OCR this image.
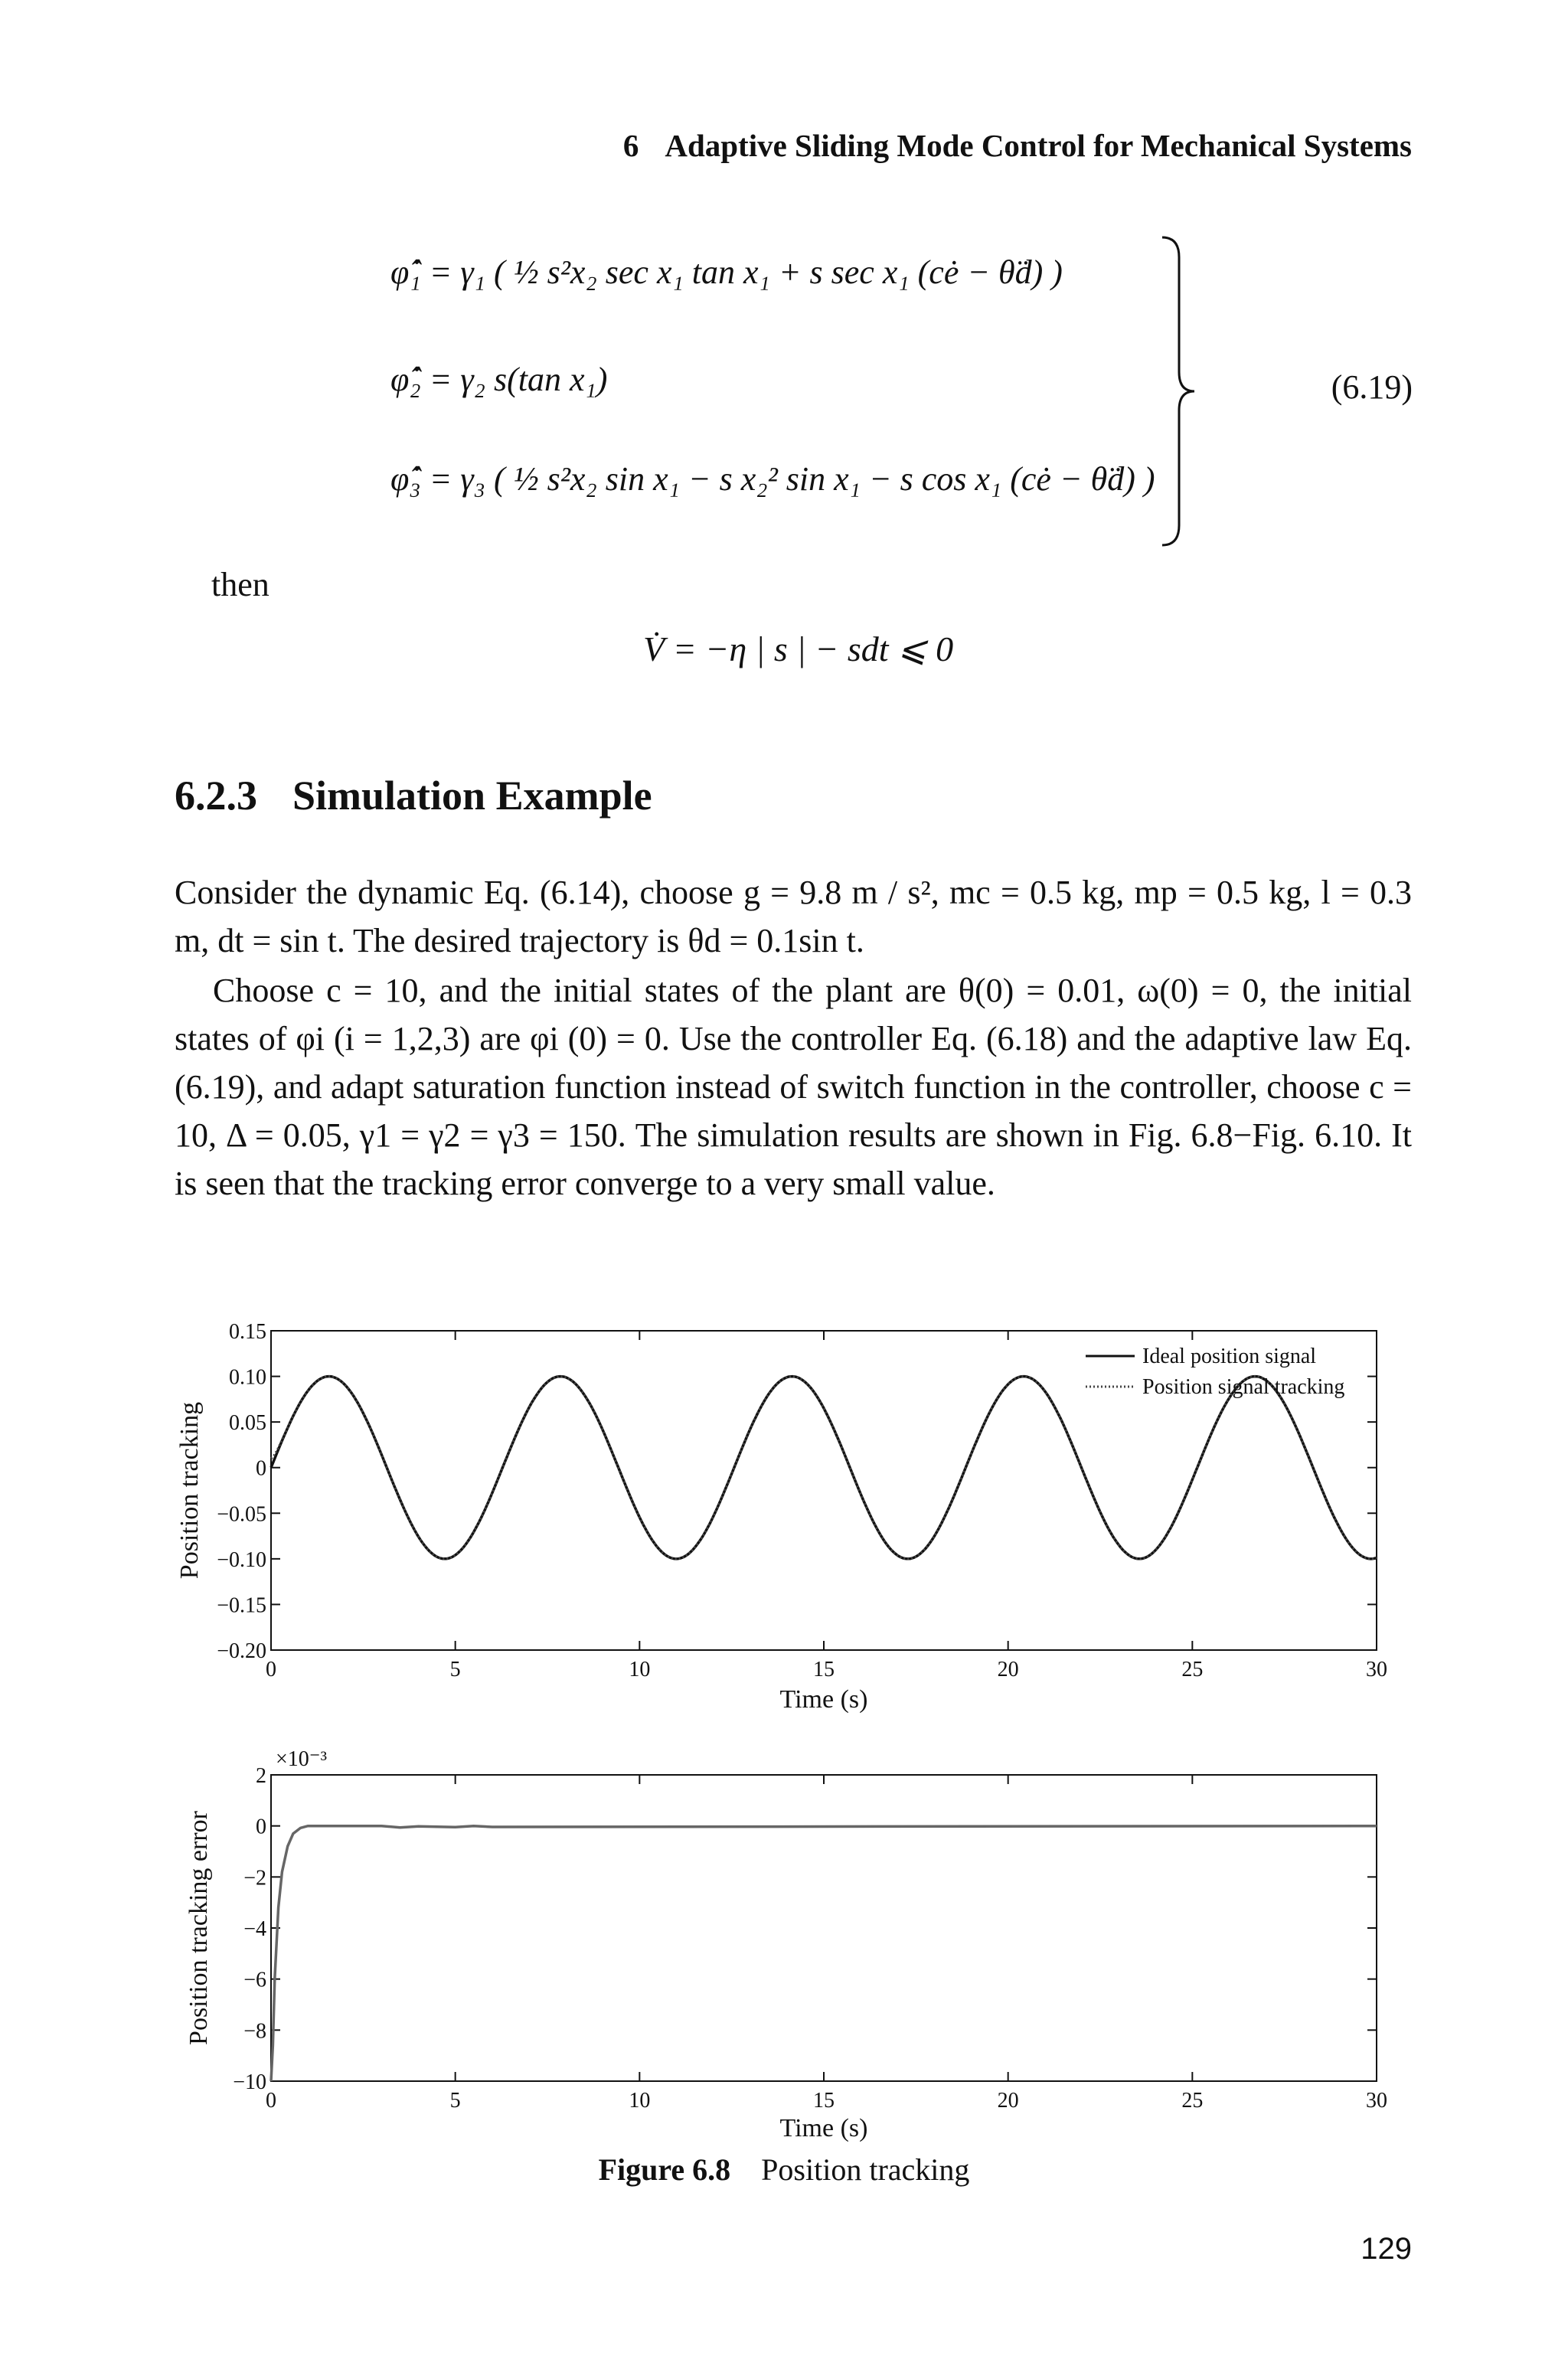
6 Adaptive Sliding Mode Control for Mechanical Systems
φ̂̇₁ = γ₁ ( ½ s²x₂ sec x₁ tan x₁ + s sec x₁ (cė − θ̈d) )
φ̂̇₂ = γ₂ s(tan x₁)
φ̂̇₃ = γ₃ ( ½ s²x₂ sin x₁ − s x₂² sin x₁ − s cos x₁ (cė − θ̈d) )
(6.19)
then
V̇ = −η | s | − sdt ⩽ 0
6.2.3 Simulation Example
Consider the dynamic Eq. (6.14), choose g = 9.8 m / s², mc = 0.5 kg, mp = 0.5 kg, l = 0.3 m, dt = sin t. The desired trajectory is θd = 0.1sin t.
Choose c = 10, and the initial states of the plant are θ(0) = 0.01, ω(0) = 0, the initial states of φi (i = 1,2,3) are φi (0) = 0. Use the controller Eq. (6.18) and the adaptive law Eq. (6.19), and adapt saturation function instead of switch function in the controller, choose c = 10, Δ = 0.05, γ1 = γ2 = γ3 = 150. The simulation results are shown in Fig. 6.8−Fig. 6.10. It is seen that the tracking error converge to a very small value.
0	5	10	15	20	25	30
0.15
0.10
0.05
0
−0.05
−0.10
−0.15
−0.20
Time (s)
Position tracking
Ideal position signal
Position signal tracking
0	5	10	15	20	25	30
2
0
−2
−4
−6
−8
−10
Time (s)
Position tracking error
×10⁻³
Figure 6.8 Position tracking
129
